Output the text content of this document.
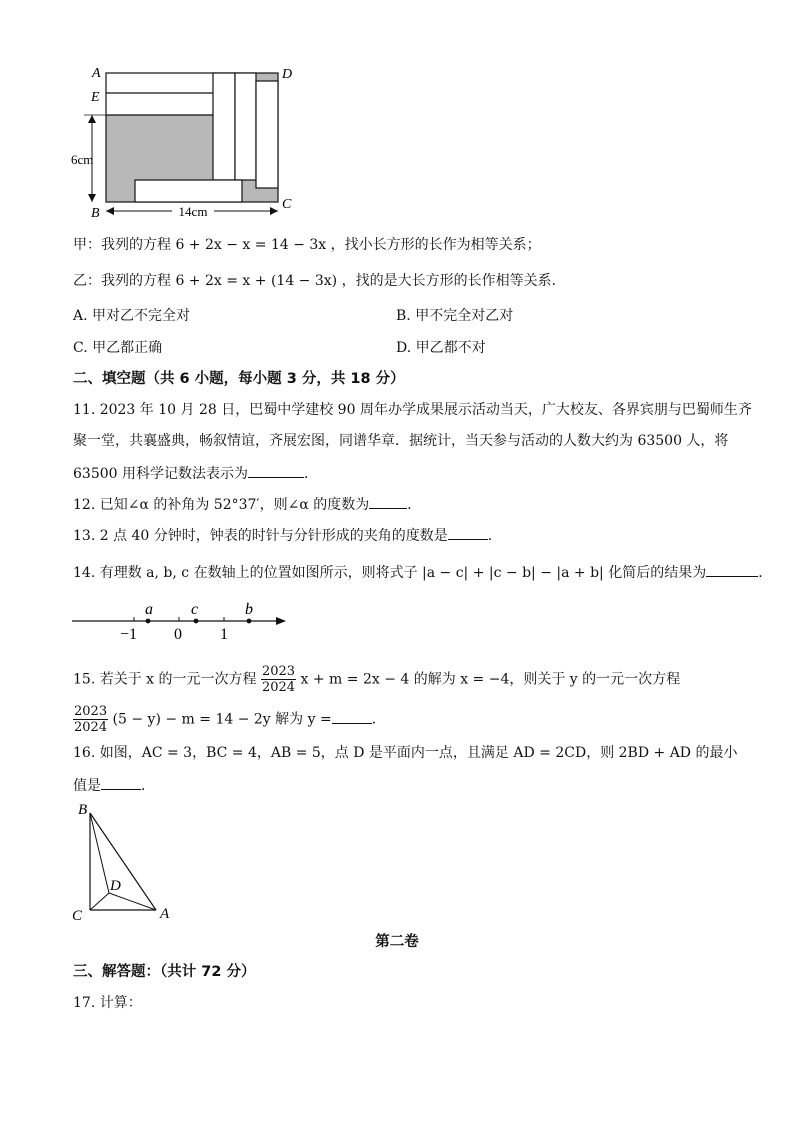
14cm
6cm
A
E
B
C
D
甲：我列的方程 6 + 2x − x = 14 − 3x ，找小长方形的长作为相等关系；
乙：我列的方程 6 + 2x = x + (14 − 3x) ，找的是大长方形的长作相等关系．
A. 甲对乙不完全对	B. 甲不完全对乙对
C. 甲乙都正确	D. 甲乙都不对
二、填空题（共 6 小题，每小题 3 分，共 18 分）
11. 2023 年 10 月 28 日，巴蜀中学建校 90 周年办学成果展示活动当天，广大校友、各界宾朋与巴蜀师生齐
聚一堂，共襄盛典，畅叙情谊，齐展宏图，同谱华章．据统计，当天参与活动的人数大约为 63500 人，将
63500 用科学记数法表示为	．
12. 已知∠α 的补角为 52°37′，则∠α 的度数为	．
13. 2 点 40 分钟时，钟表的时针与分针形成的夹角的度数是	．
14. 有理数 a, b, c 在数轴上的位置如图所示，则将式子 |a − c| + |c − b| − |a + b| 化简后的结果为	．
a c	b
−1 0 1
15. 若关于 x 的一元一次方程 $\frac{2023}{2024}$ x + m = 2x − 4 的解为 x = −4，则关于 y 的一元一次方程
$\frac{2023}{2024} (5 - y) - m = 14 - 2y$ 解为 y =	．
16. 如图，AC = 3，BC = 4，AB = 5，点 D 是平面内一点，且满足 AD = 2CD，则 2BD + AD 的最小
值是	．
B
D
C	A
第二卷
三、解答题：（共计 72 分）
17. 计算：
